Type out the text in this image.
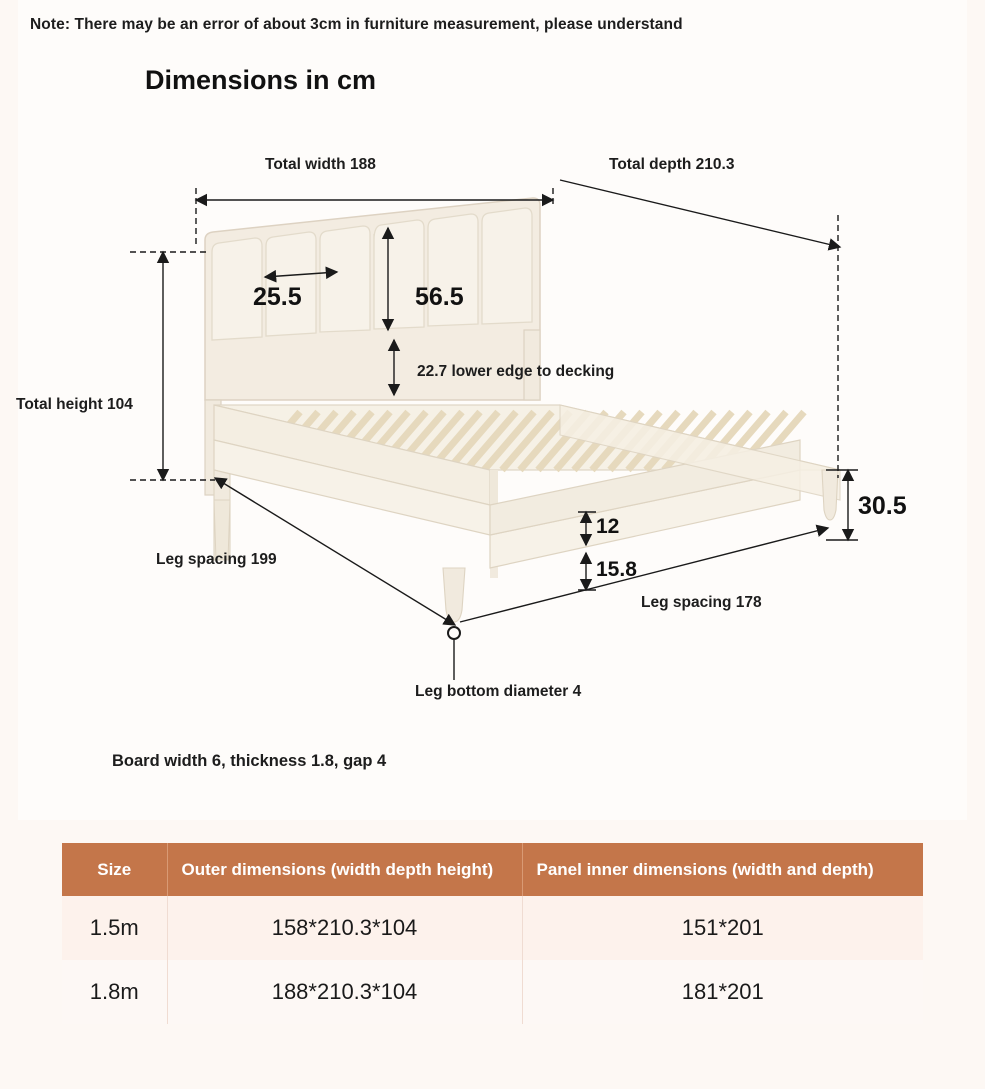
Note: There may be an error of about 3cm in furniture measurement, please understand
Dimensions in cm
Total width 188	Total depth 210.3
25.5	56.5
22.7 lower edge to decking
Total height 104
30.5
12
15.8
Leg spacing 199
Leg spacing 178
Leg bottom diameter 4
Board width 6, thickness 1.8, gap 4
Size	Outer dimensions (width depth height)	Panel inner dimensions (width and depth)
1.5m	158*210.3*104	151*201
1.8m	188*210.3*104	181*201
